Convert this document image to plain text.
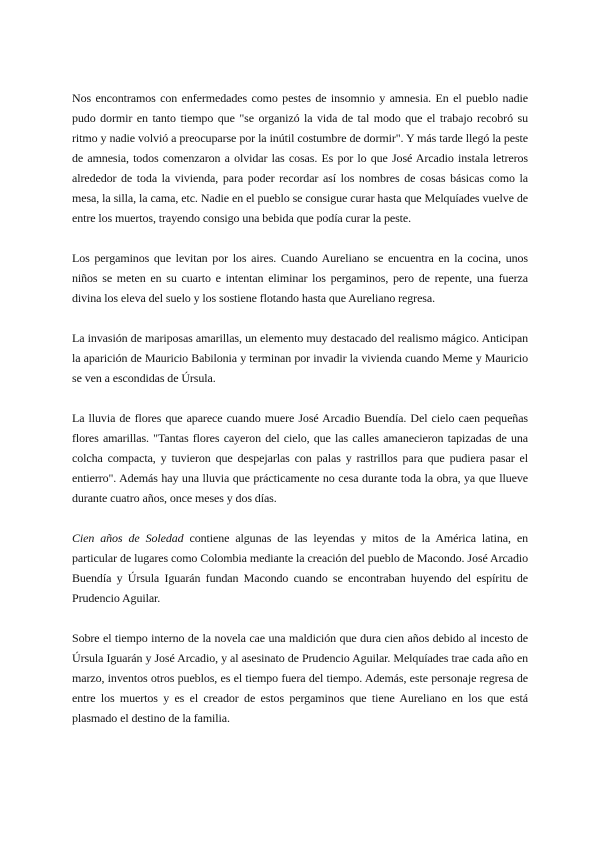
Nos encontramos con enfermedades como pestes de insomnio y amnesia. En el pueblo nadie pudo dormir en tanto tiempo que "se organizó la vida de tal modo que el trabajo recobró su ritmo y nadie volvió a preocuparse por la inútil costumbre de dormir". Y más tarde llegó la peste de amnesia, todos comenzaron a olvidar las cosas. Es por lo que José Arcadio instala letreros alrededor de toda la vivienda, para poder recordar así los nombres de cosas básicas como la mesa, la silla, la cama, etc. Nadie en el pueblo se consigue curar hasta que Melquíades vuelve de entre los muertos, trayendo consigo una bebida que podía curar la peste.

Los pergaminos que levitan por los aires. Cuando Aureliano se encuentra en la cocina, unos niños se meten en su cuarto e intentan eliminar los pergaminos, pero de repente, una fuerza divina los eleva del suelo y los sostiene flotando hasta que Aureliano regresa.

La invasión de mariposas amarillas, un elemento muy destacado del realismo mágico. Anticipan la aparición de Mauricio Babilonia y terminan por invadir la vivienda cuando Meme y Mauricio se ven a escondidas de Úrsula.

La lluvia de flores que aparece cuando muere José Arcadio Buendía. Del cielo caen pequeñas flores amarillas. "Tantas flores cayeron del cielo, que las calles amanecieron tapizadas de una colcha compacta, y tuvieron que despejarlas con palas y rastrillos para que pudiera pasar el entierro". Además hay una lluvia que prácticamente no cesa durante toda la obra, ya que llueve durante cuatro años, once meses y dos días.

Cien años de Soledad contiene algunas de las leyendas y mitos de la América latina, en particular de lugares como Colombia mediante la creación del pueblo de Macondo. José Arcadio Buendía y Úrsula Iguarán fundan Macondo cuando se encontraban huyendo del espíritu de Prudencio Aguilar.

Sobre el tiempo interno de la novela cae una maldición que dura cien años debido al incesto de Úrsula Iguarán y José Arcadio, y al asesinato de Prudencio Aguilar. Melquíades trae cada año en marzo, inventos otros pueblos, es el tiempo fuera del tiempo. Además, este personaje regresa de entre los muertos y es el creador de estos pergaminos que tiene Aureliano en los que está plasmado el destino de la familia.
